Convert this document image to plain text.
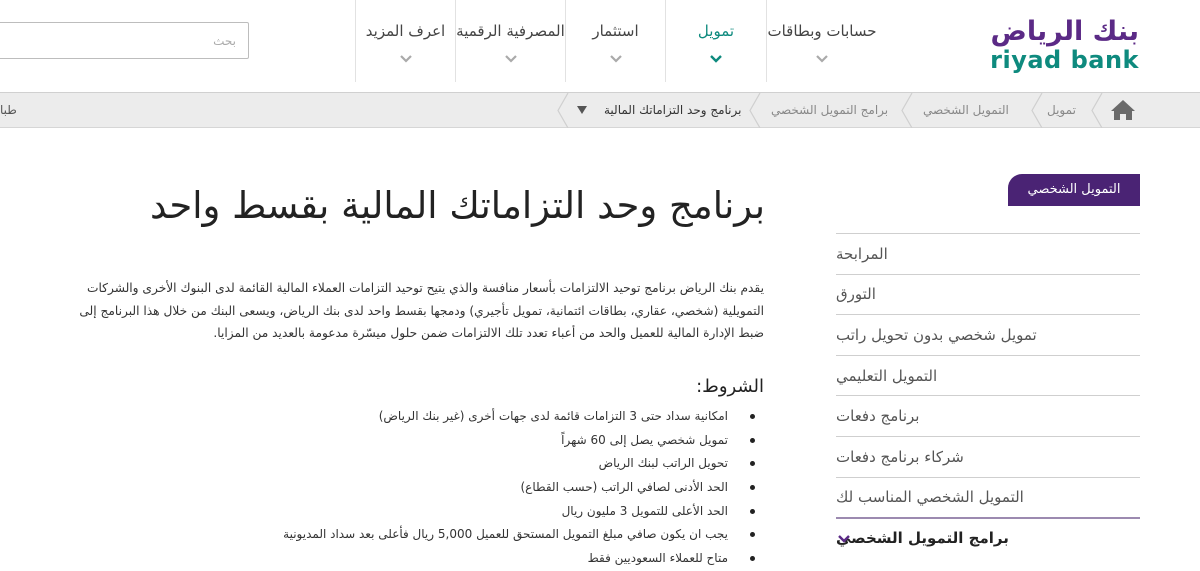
بنك الرياض
riyad bank
حسابات وبطاقات
تمويل
استثمار
المصرفية الرقمية
اعرف المزيد
بحث
طبا	تمويل
التمويل الشخصي
برامج التمويل الشخصي
برنامج وحد التزاماتك المالية
التمويل الشخصي
المرابحة
التورق
تمويل شخصي بدون تحويل راتب
التمويل التعليمي
برنامج دفعات
شركاء برنامج دفعات
التمويل الشخصي المناسب لك
برامج التمويل الشخصي
برنامج وحد التزاماتك المالية بقسط واحد

يقدم بنك الرياض برنامج توحيد الالتزامات بأسعار منافسة والذي يتيح توحيد التزامات العملاء المالية القائمة لدى البنوك الأخرى والشركات التمويلية (شخصي، عقاري، بطاقات ائتمانية، تمويل تأجيري) ودمجها بقسط واحد لدى بنك الرياض، ويسعى البنك من خلال هذا البرنامج إلى ضبط الإدارة المالية للعميل والحد من أعباء تعدد تلك الالتزامات ضمن حلول ميسّرة مدعومة بالعديد من المزايا.

الشروط:
امكانية سداد حتى 3 التزامات قائمة لدى جهات أخرى (غير بنك الرياض)
تمويل شخصي يصل إلى 60 شهراً
تحويل الراتب لبنك الرياض
الحد الأدنى لصافي الراتب (حسب القطاع)
الحد الأعلى للتمويل 3 مليون ريال
يجب ان يكون صافي مبلغ التمويل المستحق للعميل 5,000 ريال فأعلى بعد سداد المديونية
متاح للعملاء السعوديين فقط
